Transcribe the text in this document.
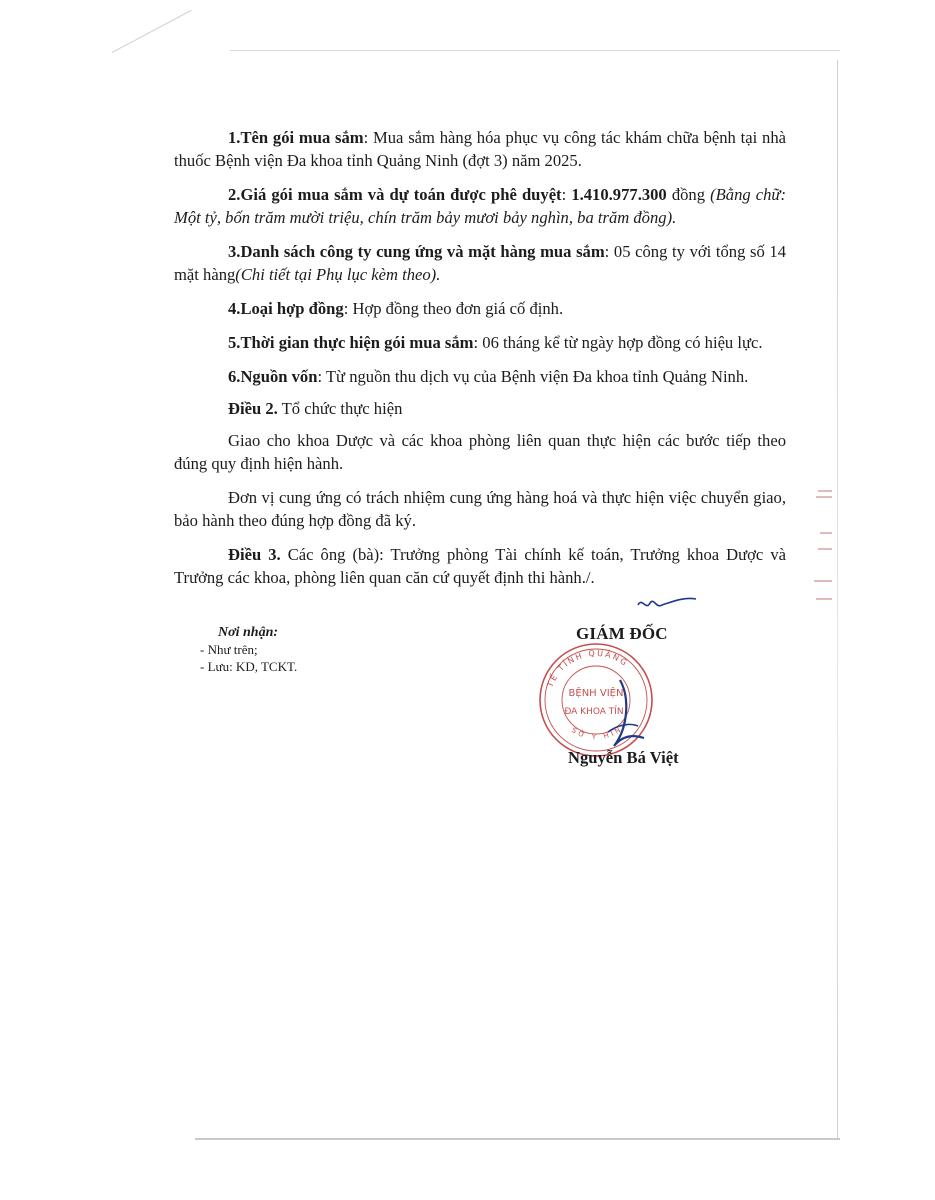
1.Tên gói mua sắm: Mua sắm hàng hóa phục vụ công tác khám chữa bệnh tại nhà thuốc Bệnh viện Đa khoa tỉnh Quảng Ninh (đợt 3) năm 2025.

2.Giá gói mua sắm và dự toán được phê duyệt: 1.410.977.300 đồng (Bằng chữ: Một tỷ, bốn trăm mười triệu, chín trăm bảy mươi bảy nghìn, ba trăm đồng).

3.Danh sách công ty cung ứng và mặt hàng mua sắm: 05 công ty với tổng số 14 mặt hàng(Chi tiết tại Phụ lục kèm theo).

4.Loại hợp đồng: Hợp đồng theo đơn giá cố định.

5.Thời gian thực hiện gói mua sắm: 06 tháng kể từ ngày hợp đồng có hiệu lực.

6.Nguồn vốn: Từ nguồn thu dịch vụ của Bệnh viện Đa khoa tỉnh Quảng Ninh.

Điều 2. Tổ chức thực hiện

Giao cho khoa Dược và các khoa phòng liên quan thực hiện các bước tiếp theo đúng quy định hiện hành.

Đơn vị cung ứng có trách nhiệm cung ứng hàng hoá và thực hiện việc chuyển giao, bảo hành theo đúng hợp đồng đã ký.

Điều 3. Các ông (bà): Trưởng phòng Tài chính kế toán, Trưởng khoa Dược và Trưởng các khoa, phòng liên quan căn cứ quyết định thi hành./.

Nơi nhận:
- Như trên;
- Lưu: KD, TCKT.
GIÁM ĐỐC
TẾ TỈNH QUẢNG
SỞ Y HINH
BỆNH VIỆN
ĐA KHOA TỈN
Nguyễn Bá Việt
